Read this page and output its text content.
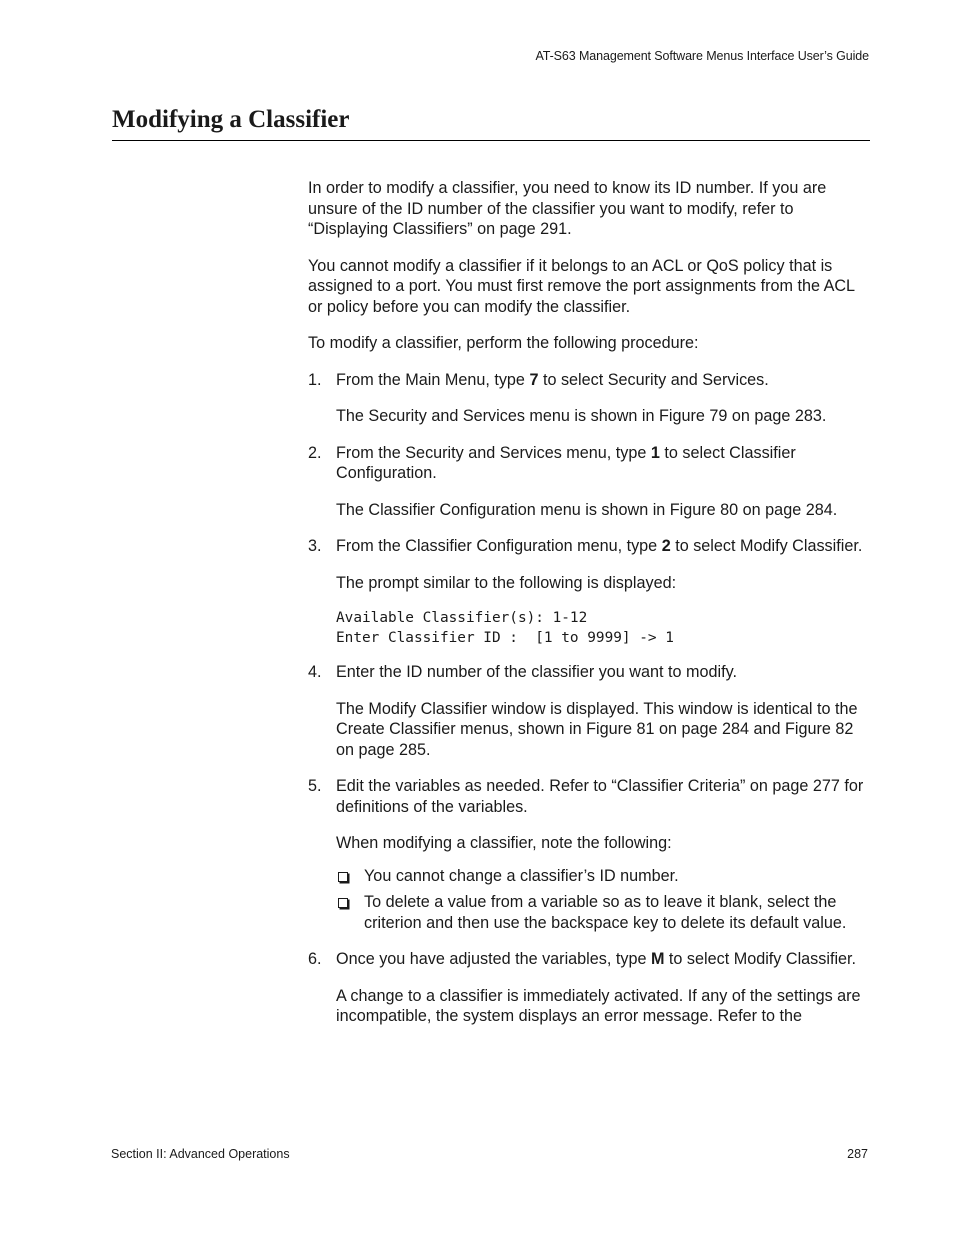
AT-S63 Management Software Menus Interface User’s Guide
Modifying a Classifier

In order to modify a classifier, you need to know its ID number. If you are unsure of the ID number of the classifier you want to modify, refer to “Displaying Classifiers” on page 291.

You cannot modify a classifier if it belongs to an ACL or QoS policy that is assigned to a port. You must first remove the port assignments from the ACL or policy before you can modify the classifier.

To modify a classifier, perform the following procedure:

1. From the Main Menu, type 7 to select Security and Services.

The Security and Services menu is shown in Figure 79 on page 283.

2. From the Security and Services menu, type 1 to select Classifier Configuration.

The Classifier Configuration menu is shown in Figure 80 on page 284.

3. From the Classifier Configuration menu, type 2 to select Modify Classifier.

The prompt similar to the following is displayed:

Available Classifier(s): 1-12
Enter Classifier ID :  [1 to 9999] -> 1
4. Enter the ID number of the classifier you want to modify.

The Modify Classifier window is displayed. This window is identical to the Create Classifier menus, shown in Figure 81 on page 284 and Figure 82 on page 285.

5. Edit the variables as needed. Refer to “Classifier Criteria” on page 277 for definitions of the variables.

When modifying a classifier, note the following:

You cannot change a classifier’s ID number.
To delete a value from a variable so as to leave it blank, select the criterion and then use the backspace key to delete its default value.
6. Once you have adjusted the variables, type M to select Modify Classifier.

A change to a classifier is immediately activated. If any of the settings are incompatible, the system displays an error message. Refer to the

Section II: Advanced Operations	287
